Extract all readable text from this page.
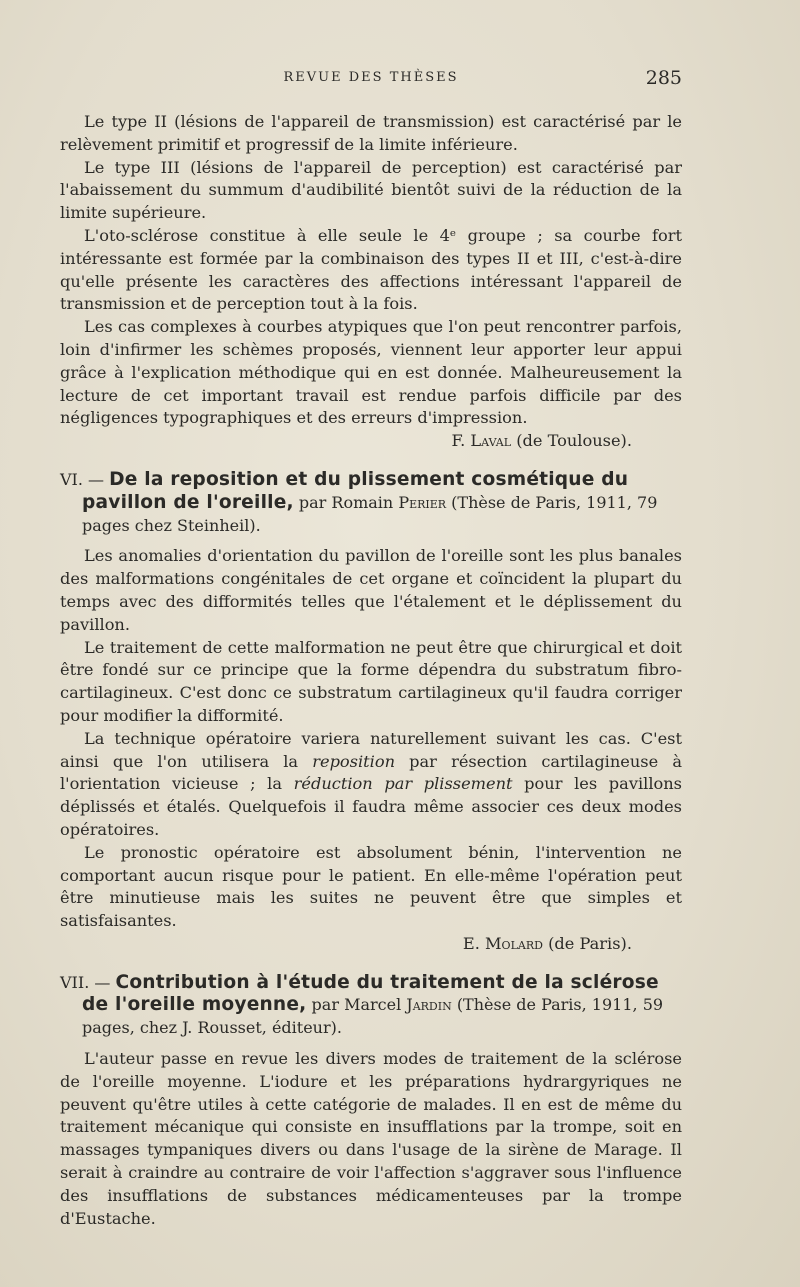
REVUE DES THÈSES	285

Le type II (lésions de l'appareil de transmission) est caractérisé par le relèvement primitif et progressif de la limite inférieure.

Le type III (lésions de l'appareil de perception) est caractérisé par l'abaissement du summum d'audibilité bientôt suivi de la réduction de la limite supérieure.

L'oto-sclérose constitue à elle seule le 4ᵉ groupe ; sa courbe fort intéressante est formée par la combinaison des types II et III, c'est-à-dire qu'elle présente les caractères des affections intéressant l'appareil de transmission et de perception tout à la fois.

Les cas complexes à courbes atypiques que l'on peut rencontrer parfois, loin d'infirmer les schèmes proposés, viennent leur apporter leur appui grâce à l'explication méthodique qui en est donnée. Malheureusement la lecture de cet important travail est rendue parfois difficile par des négligences typographiques et des erreurs d'impression.

F. Laval (de Toulouse).

VI. — De la reposition et du plissement cosmétique du pavillon de l'oreille, par Romain Perier (Thèse de Paris, 1911, 79 pages chez Steinheil).

Les anomalies d'orientation du pavillon de l'oreille sont les plus banales des malformations congénitales de cet organe et coïncident la plupart du temps avec des difformités telles que l'étalement et le déplissement du pavillon.

Le traitement de cette malformation ne peut être que chirurgical et doit être fondé sur ce principe que la forme dépendra du substratum fibro-cartilagineux. C'est donc ce substratum cartilagineux qu'il faudra corriger pour modifier la difformité.

La technique opératoire variera naturellement suivant les cas. C'est ainsi que l'on utilisera la reposition par résection cartilagineuse à l'orientation vicieuse ; la réduction par plissement pour les pavillons déplissés et étalés. Quelquefois il faudra même associer ces deux modes opératoires.

Le pronostic opératoire est absolument bénin, l'intervention ne comportant aucun risque pour le patient. En elle-même l'opération peut être minutieuse mais les suites ne peuvent être que simples et satisfaisantes.

E. Molard (de Paris).

VII. — Contribution à l'étude du traitement de la sclérose de l'oreille moyenne, par Marcel Jardin (Thèse de Paris, 1911, 59 pages, chez J. Rousset, éditeur).

L'auteur passe en revue les divers modes de traitement de la sclérose de l'oreille moyenne. L'iodure et les préparations hydrargyriques ne peuvent qu'être utiles à cette catégorie de malades. Il en est de même du traitement mécanique qui consiste en insufflations par la trompe, soit en massages tympaniques divers ou dans l'usage de la sirène de Marage. Il serait à craindre au contraire de voir l'affection s'aggraver sous l'influence des insufflations de substances médicamenteuses par la trompe d'Eustache.
